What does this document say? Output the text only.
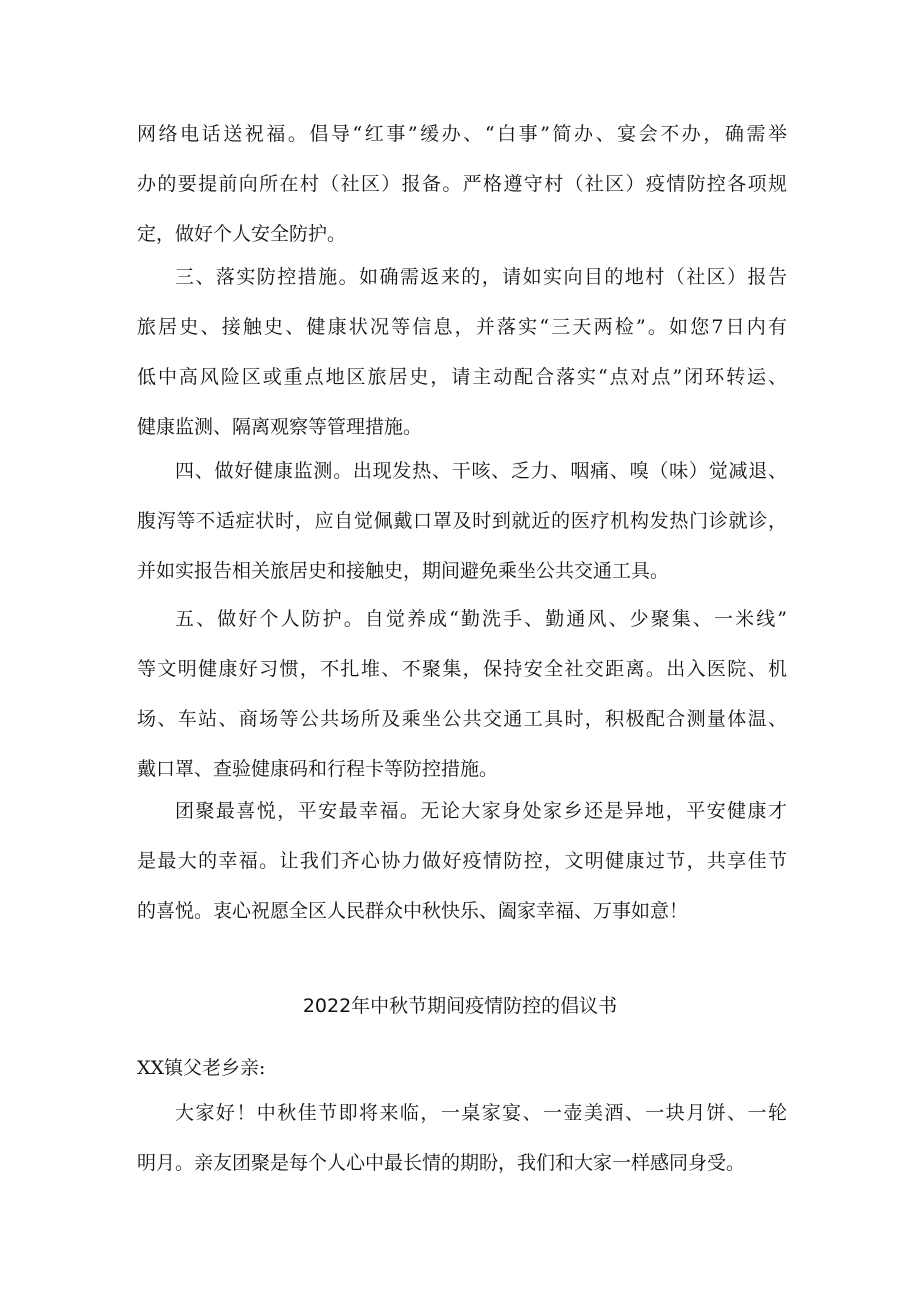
网络电话送祝福。倡导“红事”缓办、“白事”简办、宴会不办，确需举
办的要提前向所在村（社区）报备。严格遵守村（社区）疫情防控各项规
定，做好个人安全防护。
三、落实防控措施。如确需返来的，请如实向目的地村（社区）报告
旅居史、接触史、健康状况等信息，并落实“三天两检”。如您7日内有
低中高风险区或重点地区旅居史，请主动配合落实“点对点”闭环转运、
健康监测、隔离观察等管理措施。
四、做好健康监测。出现发热、干咳、乏力、咽痛、嗅（味）觉减退、
腹泻等不适症状时，应自觉佩戴口罩及时到就近的医疗机构发热门诊就诊，
并如实报告相关旅居史和接触史，期间避免乘坐公共交通工具。
五、做好个人防护。自觉养成“勤洗手、勤通风、少聚集、一米线”
等文明健康好习惯，不扎堆、不聚集，保持安全社交距离。出入医院、机
场、车站、商场等公共场所及乘坐公共交通工具时，积极配合测量体温、
戴口罩、查验健康码和行程卡等防控措施。
团聚最喜悦，平安最幸福。无论大家身处家乡还是异地，平安健康才
是最大的幸福。让我们齐心协力做好疫情防控，文明健康过节，共享佳节
的喜悦。衷心祝愿全区人民群众中秋快乐、阖家幸福、万事如意！
2022年中秋节期间疫情防控的倡议书
XX镇父老乡亲:
大家好！中秋佳节即将来临，一桌家宴、一壶美酒、一块月饼、一轮
明月。亲友团聚是每个人心中最长情的期盼，我们和大家一样感同身受。
